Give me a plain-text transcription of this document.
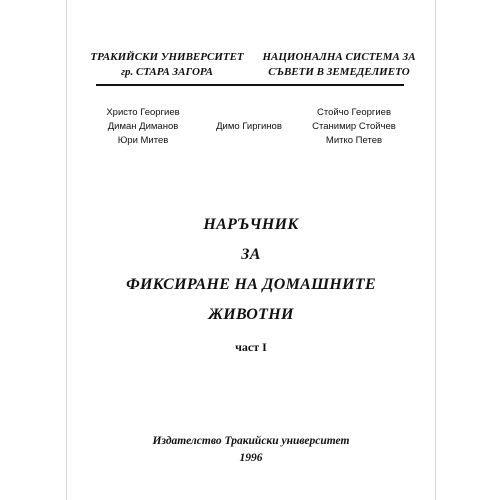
ТРАКИЙСКИ УНИВЕРСИТЕТ
гр. СТАРА ЗАГОРА
НАЦИОНАЛНА СИСТЕМА ЗА
СЪВЕТИ В ЗЕМЕДЕЛИЕТО
Христо Георгиев
Диман Диманов
Юри Митев
Димо Гиргинов
Стойчо Георгиев
Станимир Стойчев
Митко Петев
НАРЪЧНИК
ЗА
ФИКСИРАНЕ НА ДОМАШНИТЕ
ЖИВОТНИ
част I
Издателство Тракийски университет
1996
